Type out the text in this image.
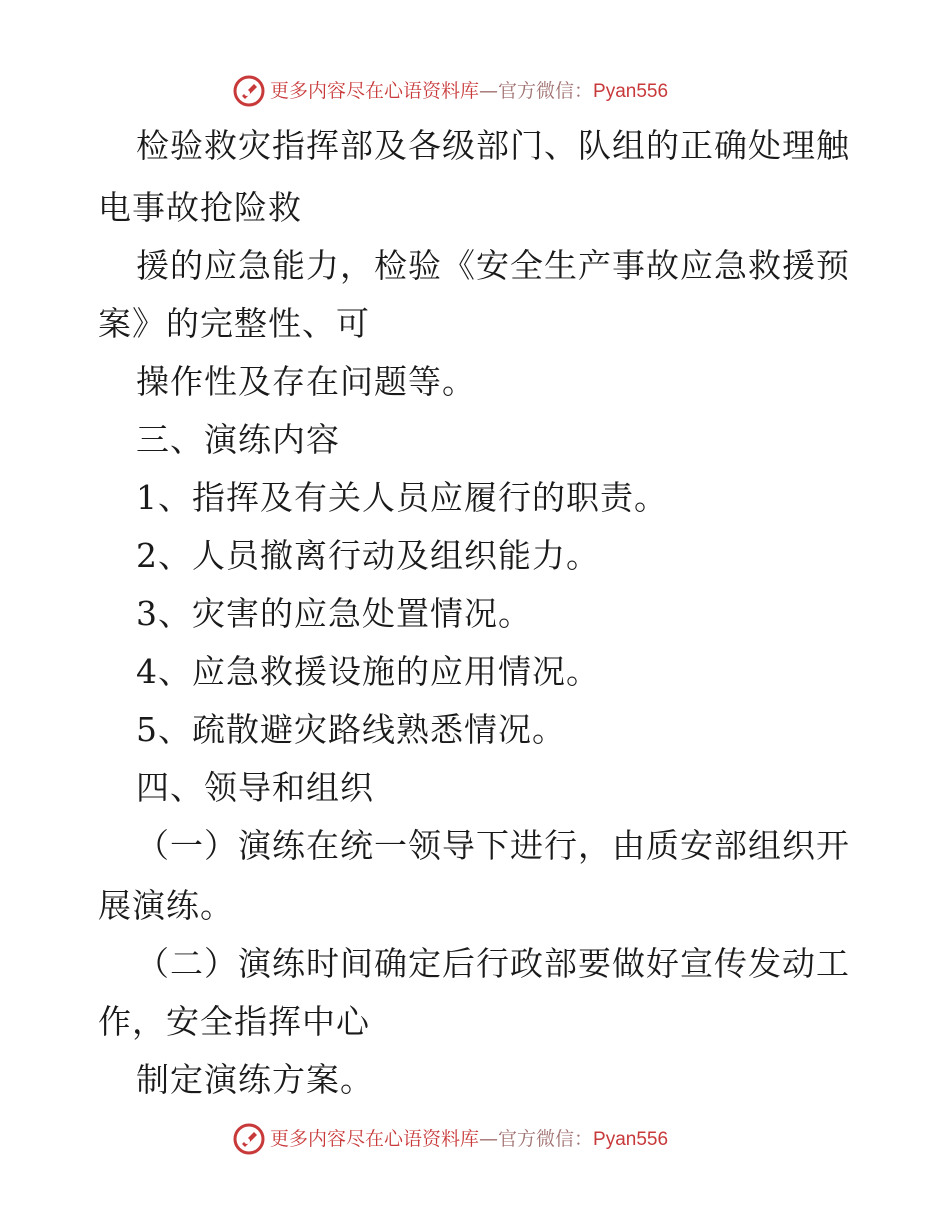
更多内容尽在心语资料库—官方微信：Pyan556
检验救灾指挥部及各级部门、队组的正确处理触
电事故抢险救
援的应急能力，检验《安全生产事故应急救援预
案》的完整性、可
操作性及存在问题等。
三、演练内容
1、指挥及有关人员应履行的职责。
2、人员撤离行动及组织能力。
3、灾害的应急处置情况。
4、应急救援设施的应用情况。
5、疏散避灾路线熟悉情况。
四、领导和组织
（一）演练在统一领导下进行，由质安部组织开
展演练。
（二）演练时间确定后行政部要做好宣传发动工
作，安全指挥中心
制定演练方案。
更多内容尽在心语资料库—官方微信：Pyan556
